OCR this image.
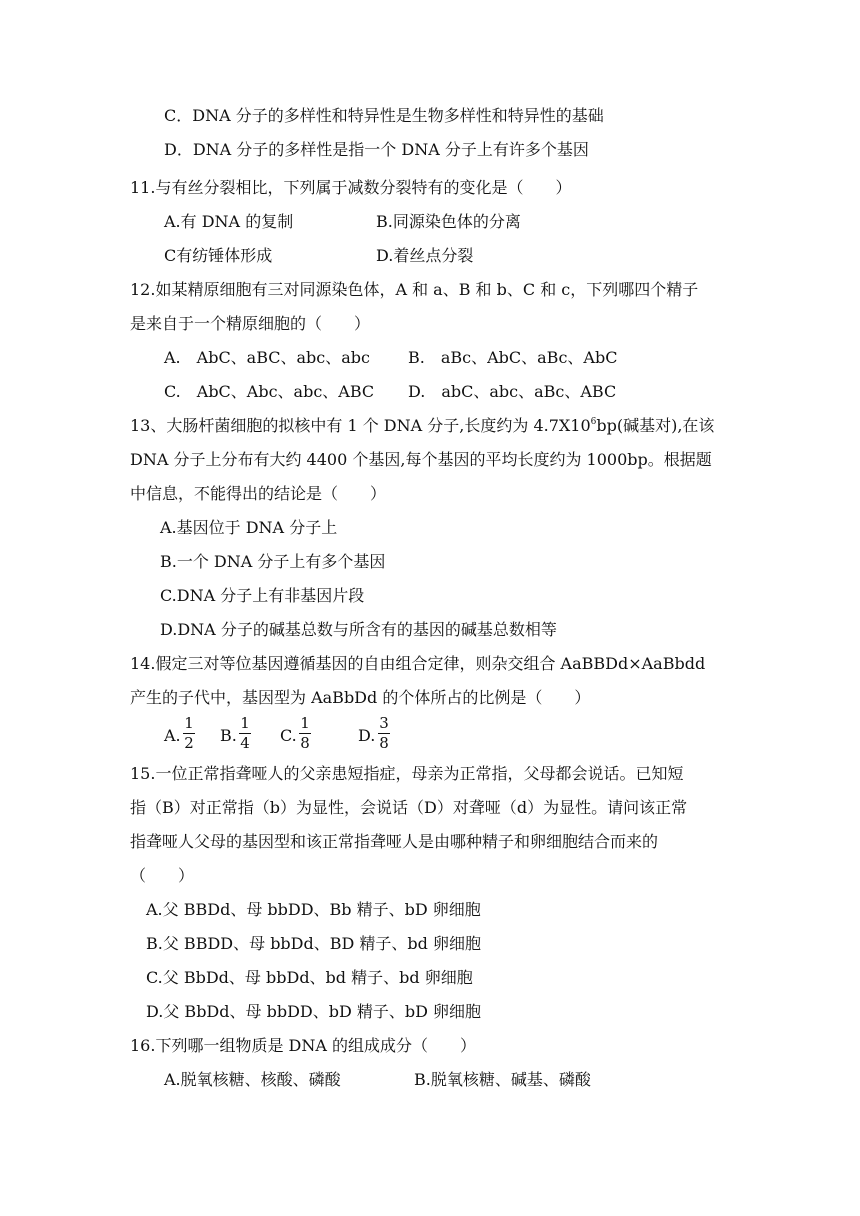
C．DNA 分子的多样性和特异性是生物多样性和特异性的基础
D．DNA 分子的多样性是指一个 DNA 分子上有许多个基因
11.与有丝分裂相比，下列属于减数分裂特有的变化是（　　）
A.有 DNA 的复制	B.同源染色体的分离
C有纺锤体形成	D.着丝点分裂
12.如某精原细胞有三对同源染色体，A 和 a、B 和 b、C 和 c，下列哪四个精子
是来自于一个精原细胞的（　　）
A.　AbC、aBC、abc、abc B.　aBc、AbC、aBc、AbC
C.　AbC、Abc、abc、ABC D.　abC、abc、aBc、ABC
13、大肠杆菌细胞的拟核中有 1 个 DNA 分子,长度约为 $4.7X10^6bp$(碱基对),在该
DNA 分子上分布有大约 4400 个基因,每个基因的平均长度约为 1000bp。根据题
中信息，不能得出的结论是（　　）
A.基因位于 DNA 分子上
B.一个 DNA 分子上有多个基因
C.DNA 分子上有非基因片段
D.DNA 分子的碱基总数与所含有的基因的碱基总数相等
14.假定三对等位基因遵循基因的自由组合定律，则杂交组合 AaBBDd×AaBbdd
产生的子代中，基因型为 AaBbDd 的个体所占的比例是（　　）
A.
1
2 B.
1
4 C.
1
8	D.
3
8
15.一位正常指聋哑人的父亲患短指症，母亲为正常指，父母都会说话。已知短
指（B）对正常指（b）为显性，会说话（D）对聋哑（d）为显性。请问该正常
指聋哑人父母的基因型和该正常指聋哑人是由哪种精子和卵细胞结合而来的
（　　）
A.父 BBDd、母 bbDD、Bb 精子、bD 卵细胞
B.父 BBDD、母 bbDd、BD 精子、bd 卵细胞
C.父 BbDd、母 bbDd、bd 精子、bd 卵细胞
D.父 BbDd、母 bbDD、bD 精子、bD 卵细胞
16.下列哪一组物质是 DNA 的组成成分（　　）
A.脱氧核糖、核酸、磷酸	B.脱氧核糖、碱基、磷酸
